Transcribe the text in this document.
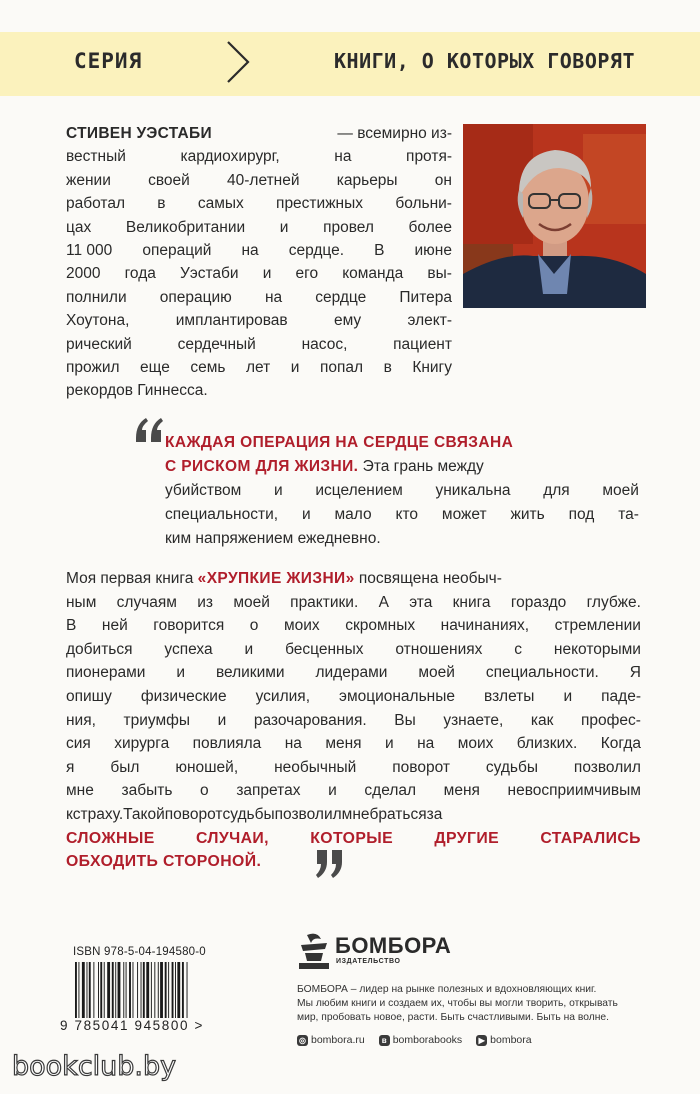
СЕРИЯ	КНИГИ, О КОТОРЫХ ГОВОРЯТ
СТИВЕН УЭСТАБИ	— всемирно из-
вестный	кардиохирург,	на	протя-
жении своей 40-летней карьеры он
работал в самых престижных больни-
цах Великобритании и провел более
11 000 операций на сердце. В июне
2000 года Уэстаби и его команда вы-
полнили операцию на сердце Питера
Хоутона,	имплантировав	ему	элект-
рический	сердечный	насос,	пациент
прожил еще семь лет и попал в Книгу
рекордов Гиннесса.
КАЖДАЯ ОПЕРАЦИЯ НА СЕРДЦЕ СВЯЗАНА
С РИСКОМ ДЛЯ ЖИЗНИ. Эта грань между
убийством и исцелением уникальна для моей
специальности, и мало кто может жить под та-
ким напряжением ежедневно.
Моя первая книга «ХРУПКИЕ ЖИЗНИ» посвящена необыч-
ным случаям из моей практики. А эта книга гораздо глубже.
В ней говорится о моих скромных начинаниях, стремлении
добиться успеха и бесценных отношениях с некоторыми
пионерами и великими лидерами моей специальности. Я
опишу физические усилия, эмоциональные взлеты и паде-
ния, триумфы и разочарования. Вы узнаете, как профес-
сия хирурга повлияла на меня и на моих близких. Когда
я был юношей, необычный поворот судьбы позволил
мне забыть о запретах и сделал меня невосприимчивым
к страху. Такой поворот судьбы позволил мне браться за
СЛОЖНЫЕ	СЛУЧАИ,	КОТОРЫЕ	ДРУГИЕ	СТАРАЛИСЬ
ОБХОДИТЬ СТОРОНОЙ.
ISBN 978-5-04-194580-0
9 785041 945800 >
БОМБОРА
ИЗДАТЕЛЬСТВО
БОМБОРА – лидер на рынке полезных и вдохновляющих книг.
Мы любим книги и создаем их, чтобы вы могли творить, открывать
мир, пробовать новое, расти. Быть счастливыми. Быть на волне.
◎ bombora.ru	в bomborabooks	▶ bombora
bookclub.by
